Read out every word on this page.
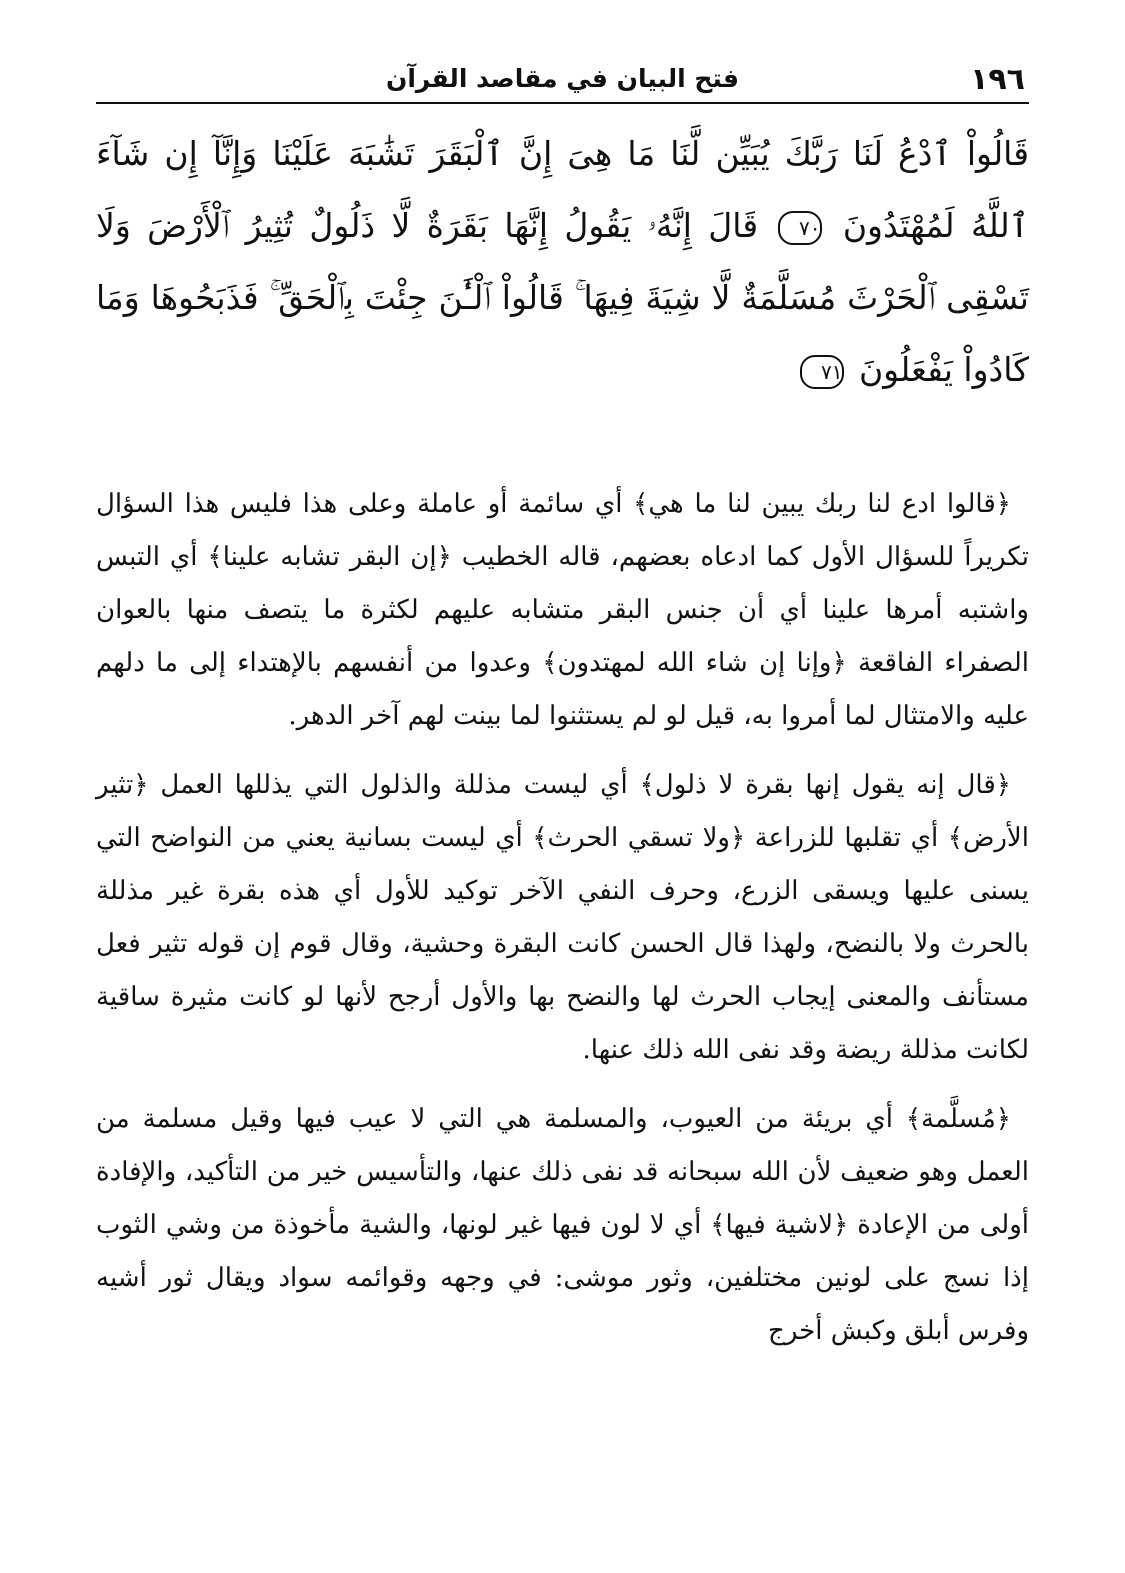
١٩٦
فتح البيان في مقاصد القرآن
قَالُواْ ٱدْعُ لَنَا رَبَّكَ يُبَيِّن لَّنَا مَا هِىَ إِنَّ ٱلْبَقَرَ تَشَٰبَهَ عَلَيْنَا وَإِنَّآ إِن شَآءَ ٱللَّهُ لَمُهْتَدُونَ ٧٠ قَالَ إِنَّهُۥ يَقُولُ إِنَّهَا بَقَرَةٌ لَّا ذَلُولٌ تُثِيرُ ٱلْأَرْضَ وَلَا تَسْقِى ٱلْحَرْثَ مُسَلَّمَةٌ لَّا شِيَةَ فِيهَا ۚ قَالُواْ ٱلْـَٰٔنَ جِئْتَ بِٱلْحَقِّ ۚ فَذَبَحُوهَا وَمَا كَادُواْ يَفْعَلُونَ ٧١

﴿قالوا ادع لنا ربك يبين لنا ما هي﴾ أي سائمة أو عاملة وعلى هذا فليس هذا السؤال تكريراً للسؤال الأول كما ادعاه بعضهم، قاله الخطيب ﴿إن البقر تشابه علينا﴾ أي التبس واشتبه أمرها علينا أي أن جنس البقر متشابه عليهم لكثرة ما يتصف منها بالعوان الصفراء الفاقعة ﴿وإنا إن شاء الله لمهتدون﴾ وعدوا من أنفسهم بالإهتداء إلى ما دلهم عليه والامتثال لما أمروا به، قيل لو لم يستثنوا لما بينت لهم آخر الدهر.

﴿قال إنه يقول إنها بقرة لا ذلول﴾ أي ليست مذللة والذلول التي يذللها العمل ﴿تثير الأرض﴾ أي تقلبها للزراعة ﴿ولا تسقي الحرث﴾ أي ليست بسانية يعني من النواضح التي يسنى عليها ويسقى الزرع، وحرف النفي الآخر توكيد للأول أي هذه بقرة غير مذللة بالحرث ولا بالنضح، ولهذا قال الحسن كانت البقرة وحشية، وقال قوم إن قوله تثير فعل مستأنف والمعنى إيجاب الحرث لها والنضح بها والأول أرجح لأنها لو كانت مثيرة ساقية لكانت مذللة ريضة وقد نفى الله ذلك عنها.

﴿مُسلَّمة﴾ أي بريئة من العيوب، والمسلمة هي التي لا عيب فيها وقيل مسلمة من العمل وهو ضعيف لأن الله سبحانه قد نفى ذلك عنها، والتأسيس خير من التأكيد، والإفادة أولى من الإعادة ﴿لاشية فيها﴾ أي لا لون فيها غير لونها، والشية مأخوذة من وشي الثوب إذا نسج على لونين مختلفين، وثور موشى: في وجهه وقوائمه سواد ويقال ثور أشيه وفرس أبلق وكبش أخرج
